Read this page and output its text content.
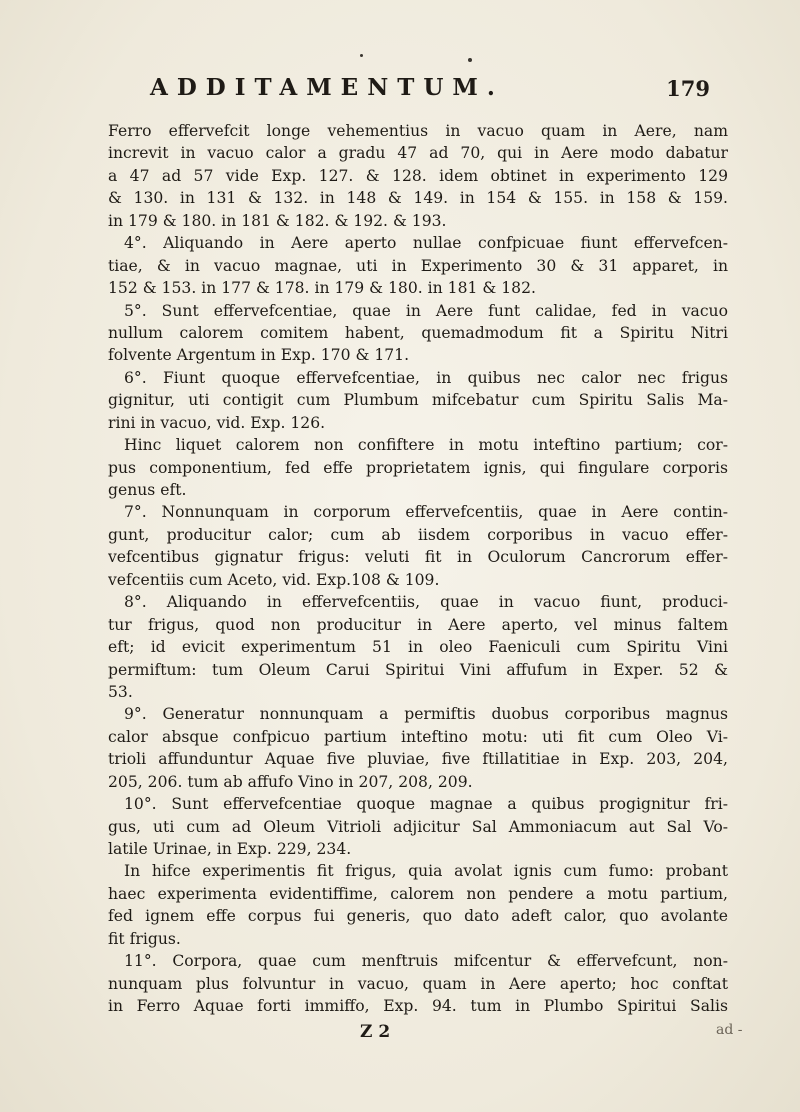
ADDITAMENTUM.	179
Ferro effervefcit longe vehementius in vacuo quam in Aere, nam
increvit in vacuo calor a gradu 47 ad 70, qui in Aere modo dabatur
a 47 ad 57 vide Exp. 127. & 128. idem obtinet in experimento 129
& 130. in 131 & 132. in 148 & 149. in 154 & 155. in 158 & 159.
in 179 & 180. in 181 & 182. & 192. & 193.
4°. Aliquando in Aere aperto nullae confpicuae fiunt effervefcen-
tiae, & in vacuo magnae, uti in Experimento 30 & 31 apparet, in
152 & 153. in 177 & 178. in 179 & 180. in 181 & 182.
5°. Sunt effervefcentiae, quae in Aere funt calidae, fed in vacuo
nullum calorem comitem habent, quemadmodum fit a Spiritu Nitri
folvente Argentum in Exp. 170 & 171.
6°. Fiunt quoque effervefcentiae, in quibus nec calor nec frigus
gignitur, uti contigit cum Plumbum mifcebatur cum Spiritu Salis Ma-
rini in vacuo, vid. Exp. 126.
Hinc liquet calorem non confiftere in motu inteftino partium; cor-
pus componentium, fed effe proprietatem ignis, qui fingulare corporis
genus eft.
7°. Nonnunquam in corporum effervefcentiis, quae in Aere contin-
gunt, producitur calor; cum ab iisdem corporibus in vacuo effer-
vefcentibus gignatur frigus: veluti fit in Oculorum Cancrorum effer-
vefcentiis cum Aceto, vid. Exp.108 & 109.
8°. Aliquando in effervefcentiis, quae in vacuo fiunt, produci-
tur frigus, quod non producitur in Aere aperto, vel minus faltem
eft; id evicit experimentum 51 in oleo Faeniculi cum Spiritu Vini
permiftum: tum Oleum Carui Spiritui Vini affufum in Exper. 52 &
53.
9°. Generatur nonnunquam a permiftis duobus corporibus magnus
calor absque confpicuo partium inteftino motu: uti fit cum Oleo Vi-
trioli affunduntur Aquae five pluviae, five ftillatitiae in Exp. 203, 204,
205, 206. tum ab affufo Vino in 207, 208, 209.
10°. Sunt effervefcentiae quoque magnae a quibus progignitur fri-
gus, uti cum ad Oleum Vitrioli adjicitur Sal Ammoniacum aut Sal Vo-
latile Urinae, in Exp. 229, 234.
In hifce experimentis fit frigus, quia avolat ignis cum fumo: probant
haec experimenta evidentiffime, calorem non pendere a motu partium,
fed ignem effe corpus fui generis, quo dato adeft calor, quo avolante
fit frigus.
11°. Corpora, quae cum menftruis mifcentur & effervefcunt, non-
nunquam plus folvuntur in vacuo, quam in Aere aperto; hoc conftat
in Ferro Aquae forti immiffo, Exp. 94. tum in Plumbo Spiritui Salis
Z 2	ad -
